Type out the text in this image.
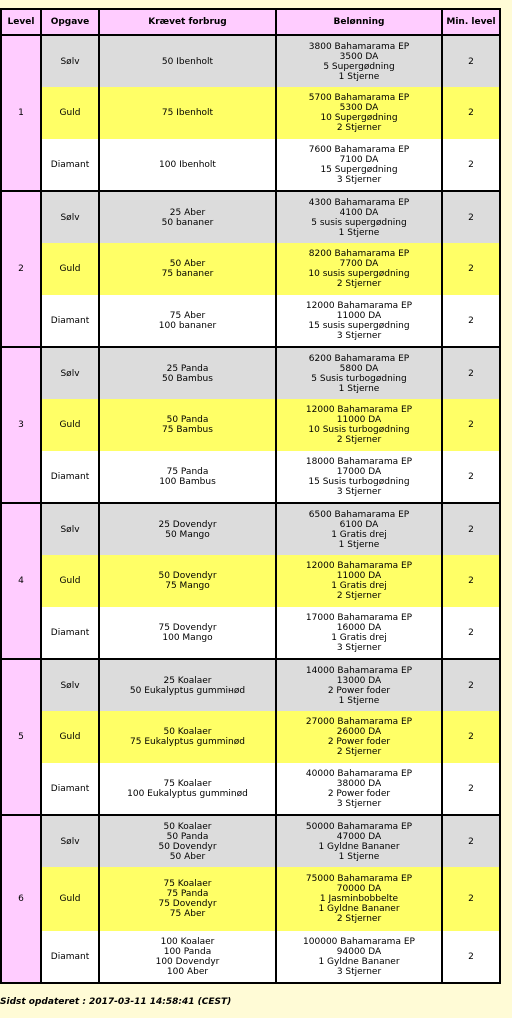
Level	Opgave	Krævet forbrug	Belønning	Min. level
1	Sølv	50 Ibenholt	3800 Bahamarama EP
3500 DA
5 Supergødning
1 Stjerne	2
	Guld	75 Ibenholt	5700 Bahamarama EP
5300 DA
10 Supergødning
2 Stjerner	2
	Diamant	100 Ibenholt	7600 Bahamarama EP
7100 DA
15 Supergødning
3 Stjerner	2
2	Sølv	25 Aber
50 bananer	4300 Bahamarama EP
4100 DA
5 susis supergødning
1 Stjerne	2
	Guld	50 Aber
75 bananer	8200 Bahamarama EP
7700 DA
10 susis supergødning
2 Stjerner	2
	Diamant	75 Aber
100 bananer	12000 Bahamarama EP
11000 DA
15 susis supergødning
3 Stjerner	2
3	Sølv	25 Panda
50 Bambus	6200 Bahamarama EP
5800 DA
5 Susis turbogødning
1 Stjerne	2
	Guld	50 Panda
75 Bambus	12000 Bahamarama EP
11000 DA
10 Susis turbogødning
2 Stjerner	2
	Diamant	75 Panda
100 Bambus	18000 Bahamarama EP
17000 DA
15 Susis turbogødning
3 Stjerner	2
4	Sølv	25 Dovendyr
50 Mango	6500 Bahamarama EP
6100 DA
1 Gratis drej
1 Stjerne	2
	Guld	50 Dovendyr
75 Mango	12000 Bahamarama EP
11000 DA
1 Gratis drej
2 Stjerner	2
	Diamant	75 Dovendyr
100 Mango	17000 Bahamarama EP
16000 DA
1 Gratis drej
3 Stjerner	2
5	Sølv	25 Koalaer
50 Eukalyptus gummінød	14000 Bahamarama EP
13000 DA
2 Power foder
1 Stjerne	2
	Guld	50 Koalaer
75 Eukalyptus gumminød	27000 Bahamarama EP
26000 DA
2 Power foder
2 Stjerner	2
	Diamant	75 Koalaer
100 Eukalyptus gumminød	40000 Bahamarama EP
38000 DA
2 Power foder
3 Stjerner	2
6	Sølv	50 Koalaer
50 Panda
50 Dovendyr
50 Aber	50000 Bahamarama EP
47000 DA
1 Gyldne Bananer
1 Stjerne	2
	Guld	75 Koalaer
75 Panda
75 Dovendyr
75 Aber	75000 Bahamarama EP
70000 DA
1 Jasminbobbelte
1 Gyldne Bananer
2 Stjerner	2
	Diamant	100 Koalaer
100 Panda
100 Dovendyr
100 Aber	100000 Bahamarama EP
94000 DA
1 Gyldne Bananer
3 Stjerner	2
Sidst opdateret : 2017-03-11 14:58:41 (CEST)
